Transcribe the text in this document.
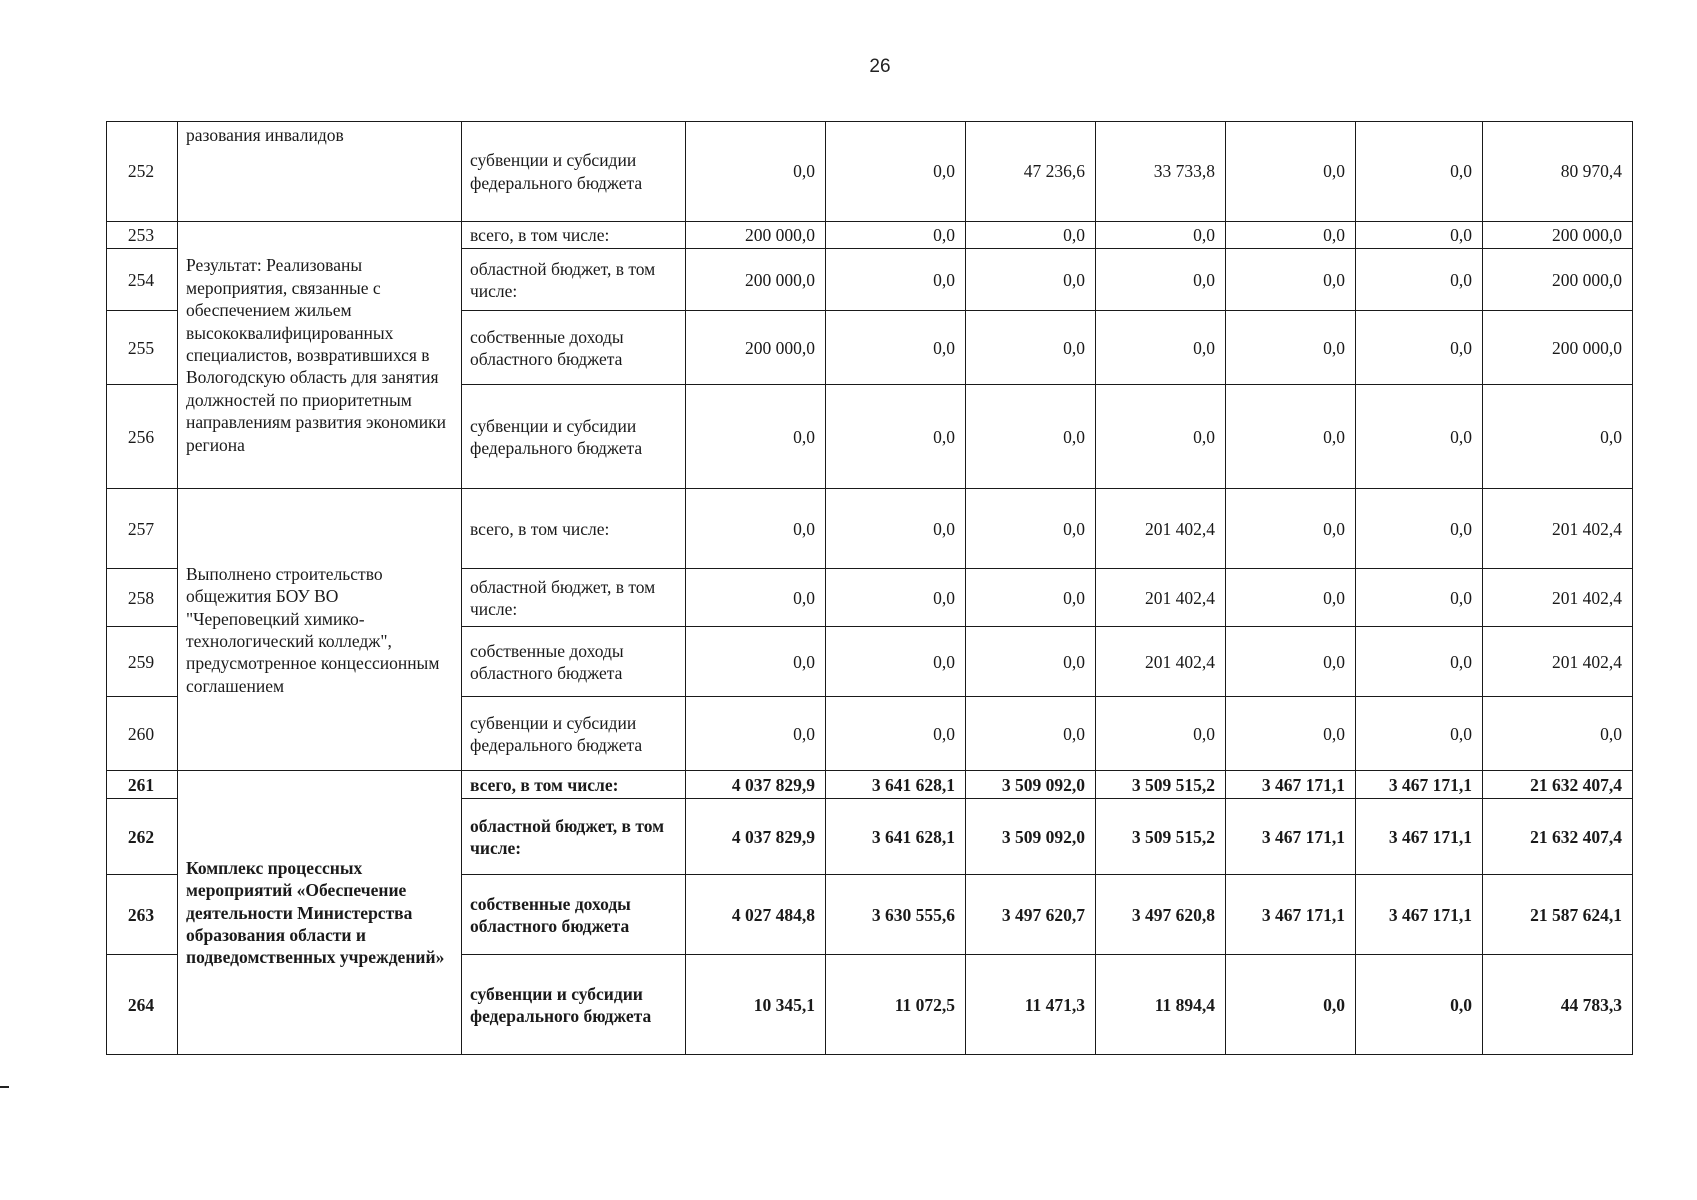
26
252	разования инвалидов	субвенции и субсидии федерального бюджета	0,0	0,0	47 236,6	33 733,8	0,0	0,0	80 970,4
253	Результат: Реализованы мероприятия, связанные с обеспечением жильем высококвалифицированных специалистов, возвратившихся в Вологодскую область для занятия должностей по приоритетным направлениям развития экономики региона	всего, в том числе:	200 000,0	0,0	0,0	0,0	0,0	0,0	200 000,0
254		областной бюджет, в том числе:	200 000,0	0,0	0,0	0,0	0,0	0,0	200 000,0
255		собственные доходы областного бюджета	200 000,0	0,0	0,0	0,0	0,0	0,0	200 000,0
256		субвенции и субсидии федерального бюджета	0,0	0,0	0,0	0,0	0,0	0,0	0,0
257	Выполнено строительство общежития БОУ ВО "Череповецкий химико-технологический колледж", предусмотренное концессионным соглашением	всего, в том числе:	0,0	0,0	0,0	201 402,4	0,0	0,0	201 402,4
258		областной бюджет, в том числе:	0,0	0,0	0,0	201 402,4	0,0	0,0	201 402,4
259		собственные доходы областного бюджета	0,0	0,0	0,0	201 402,4	0,0	0,0	201 402,4
260		субвенции и субсидии федерального бюджета	0,0	0,0	0,0	0,0	0,0	0,0	0,0
261	Комплекс процессных мероприятий «Обеспечение деятельности Министерства образования области и подведомственных учреждений»	всего, в том числе:	4 037 829,9	3 641 628,1	3 509 092,0	3 509 515,2	3 467 171,1	3 467 171,1	21 632 407,4
262		областной бюджет, в том числе:	4 037 829,9	3 641 628,1	3 509 092,0	3 509 515,2	3 467 171,1	3 467 171,1	21 632 407,4
263		собственные доходы областного бюджета	4 027 484,8	3 630 555,6	3 497 620,7	3 497 620,8	3 467 171,1	3 467 171,1	21 587 624,1
264		субвенции и субсидии федерального бюджета	10 345,1	11 072,5	11 471,3	11 894,4	0,0	0,0	44 783,3
